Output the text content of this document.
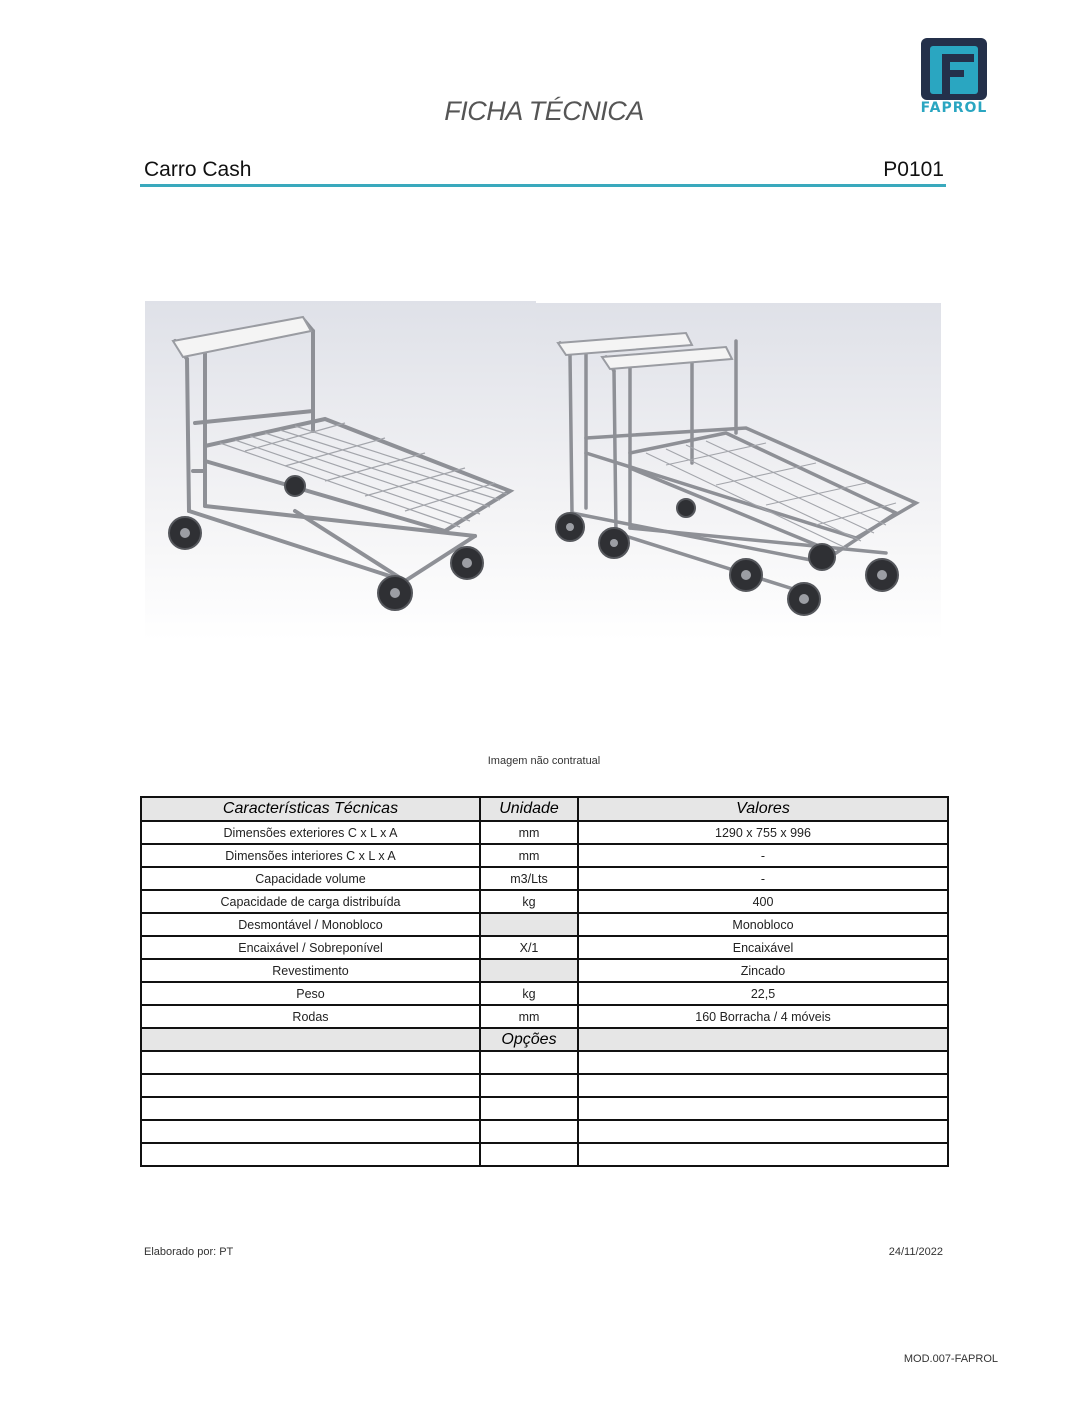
FAPROL
FICHA TÉCNICA
Carro Cash	P0101
Imagem não contratual
Características Técnicas	Unidade	Valores
Dimensões exteriores C x L x A	mm	1290 x 755 x 996
Dimensões interiores C x L x A	mm	-
Capacidade volume	m3/Lts	-
Capacidade de carga distribuída	kg	400
Desmontável / Monobloco		Monobloco
Encaixável / Sobreponível	X/1	Encaixável
Revestimento		Zincado
Peso	kg	22,5
Rodas	mm	160 Borracha / 4 móveis
	Opções	

Elaborado por: PT	24/11/2022
MOD.007-FAPROL
